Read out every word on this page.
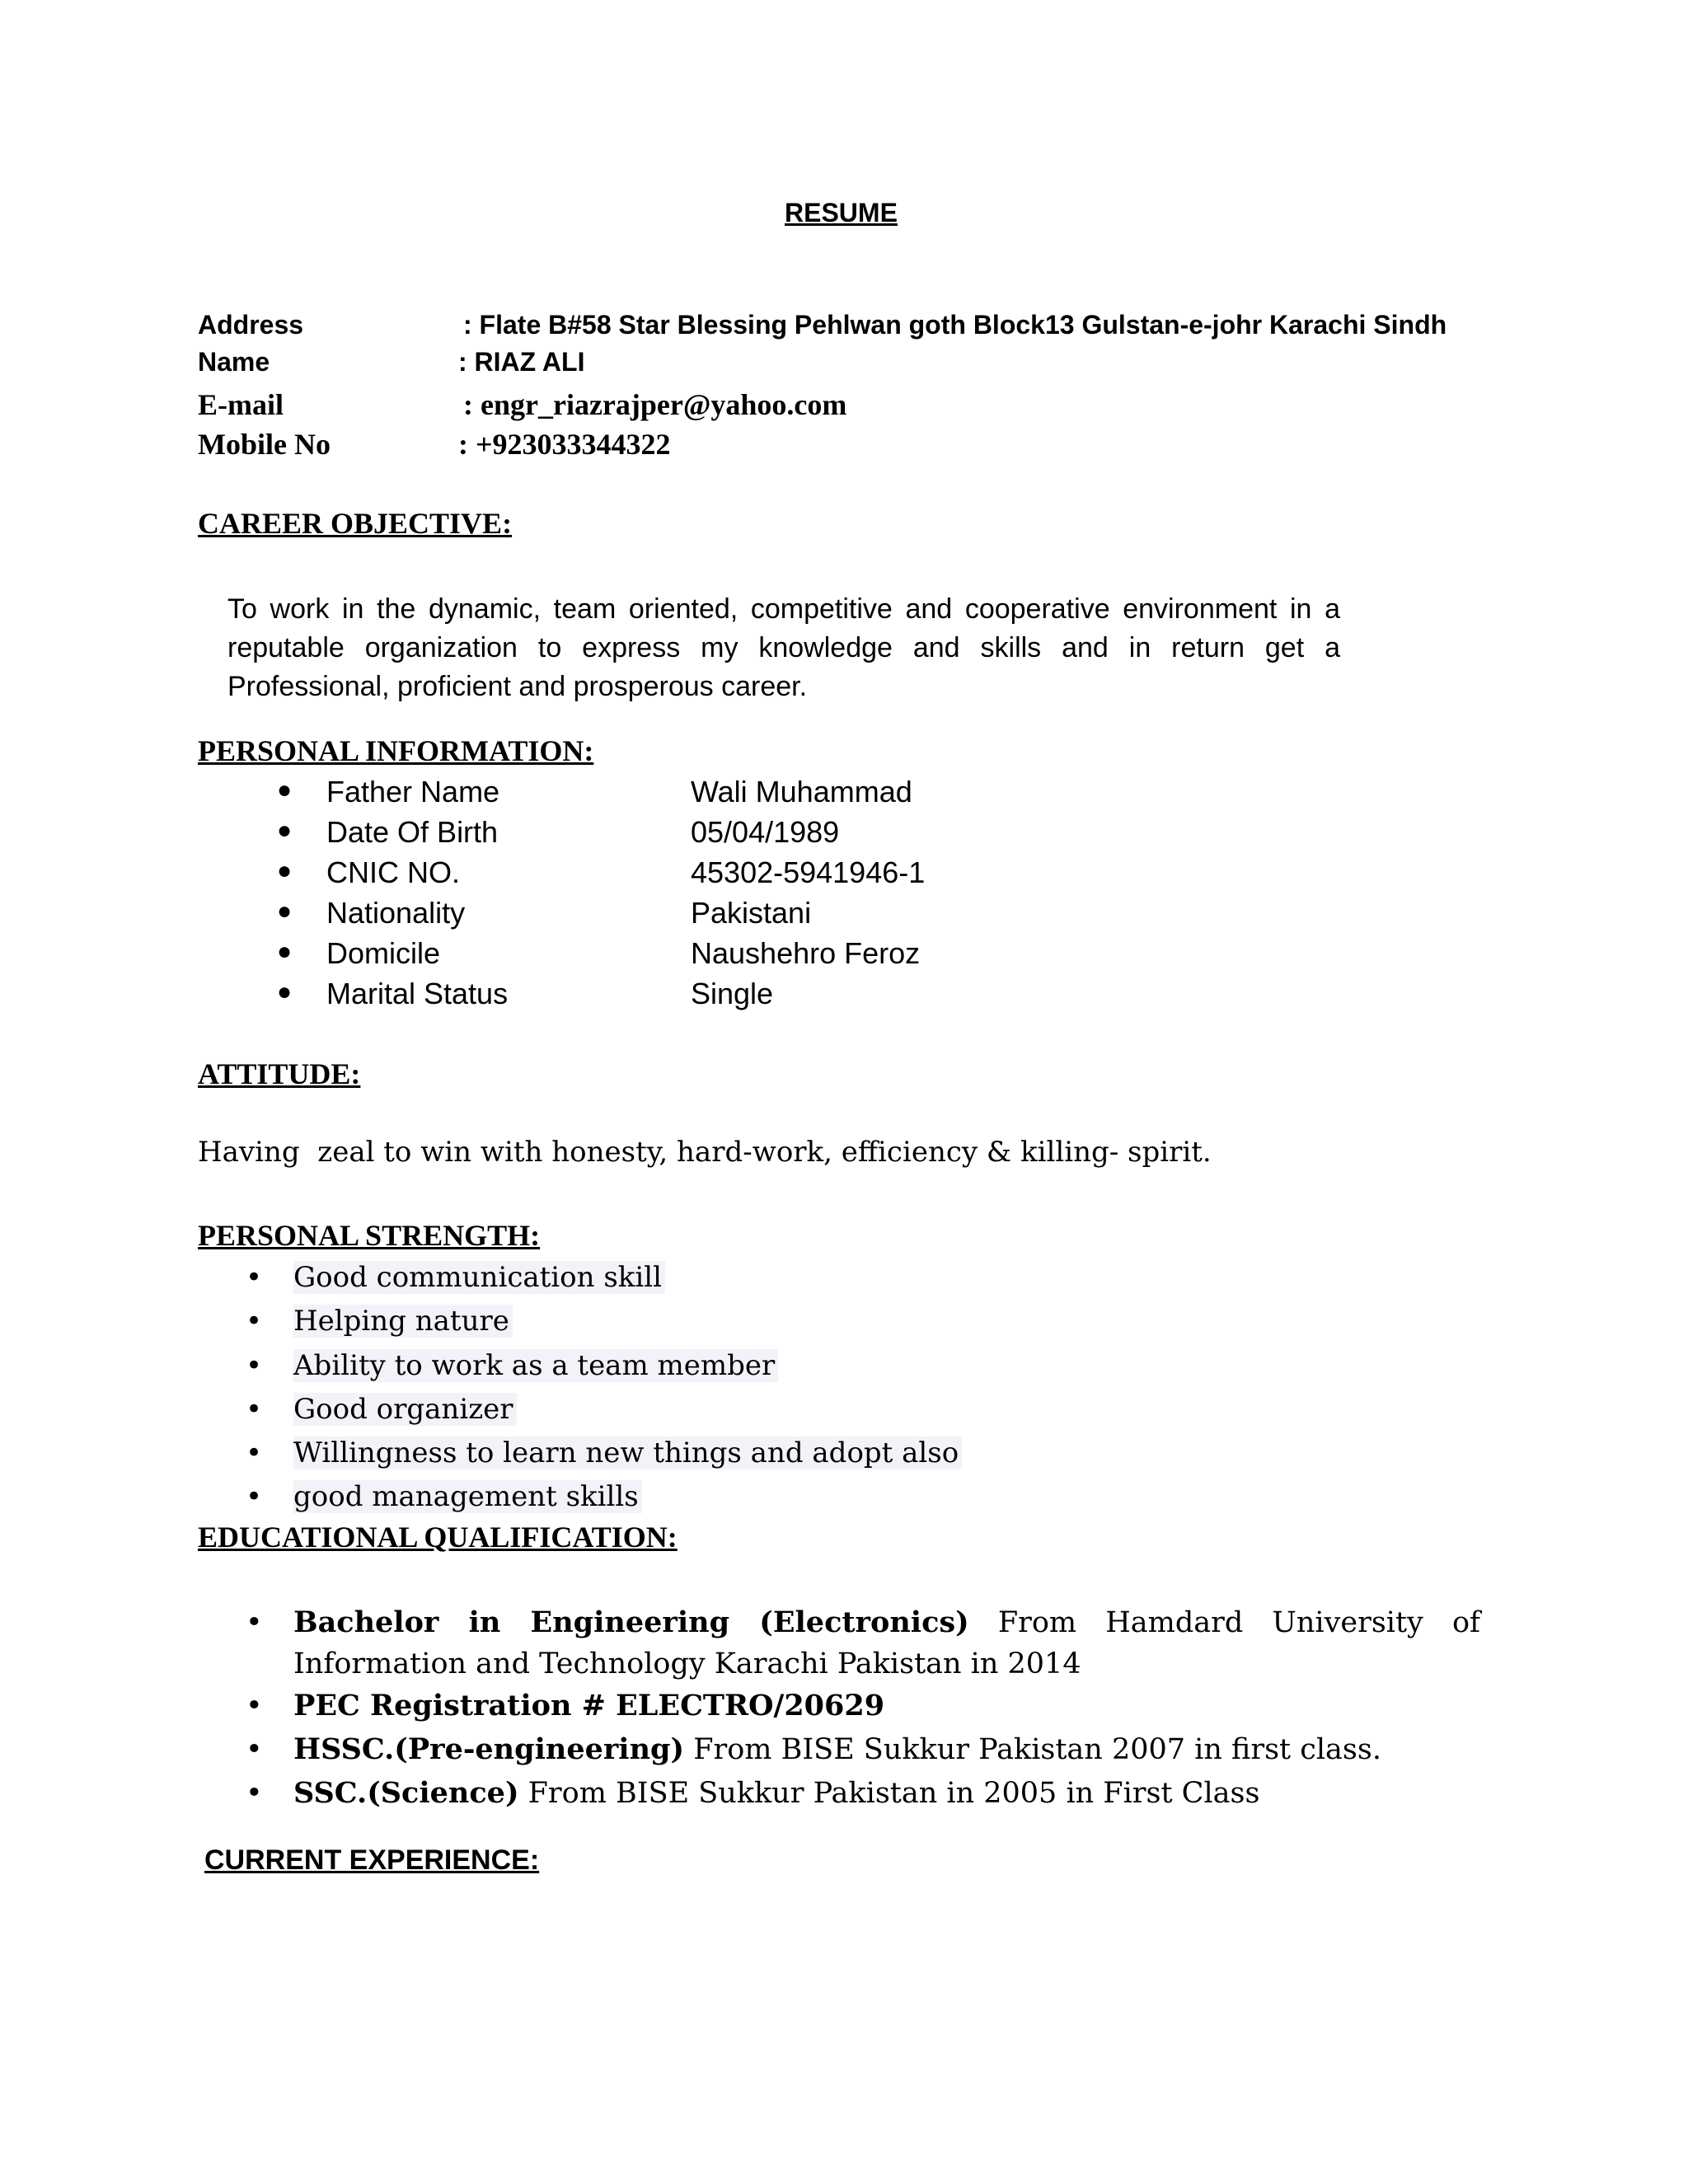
RESUME
Address	: Flate B#58 Star Blessing Pehlwan goth Block13 Gulstan-e-johr Karachi Sindh
Name	: RIAZ ALI
E-mail	: engr_riazrajper@yahoo.com
Mobile No	: +923033344322
CAREER OBJECTIVE:
To work in the dynamic, team oriented, competitive and cooperative environment in a reputable organization to express my knowledge and skills and in return get a Professional, proficient and prosperous career.
PERSONAL INFORMATION:
● Father Name	Wali Muhammad
● Date Of Birth	05/04/1989
● CNIC NO.	45302-5941946-1
● Nationality	Pakistani
● Domicile	Naushehro Feroz
● Marital Status	Single
ATTITUDE:
Having  zeal to win with honesty, hard-work, efficiency & killing- spirit.
PERSONAL STRENGTH:
• Good communication skill
• Helping nature
• Ability to work as a team member
• Good organizer
• Willingness to learn new things and adopt also
• good management skills
EDUCATIONAL QUALIFICATION:
• Bachelor in Engineering (Electronics) From Hamdard University of Information and Technology Karachi Pakistan in 2014
• PEC Registration # ELECTRO/20629
• HSSC.(Pre-engineering) From BISE Sukkur Pakistan 2007 in first class.
• SSC.(Science) From BISE Sukkur Pakistan in 2005 in First Class
CURRENT EXPERIENCE:
